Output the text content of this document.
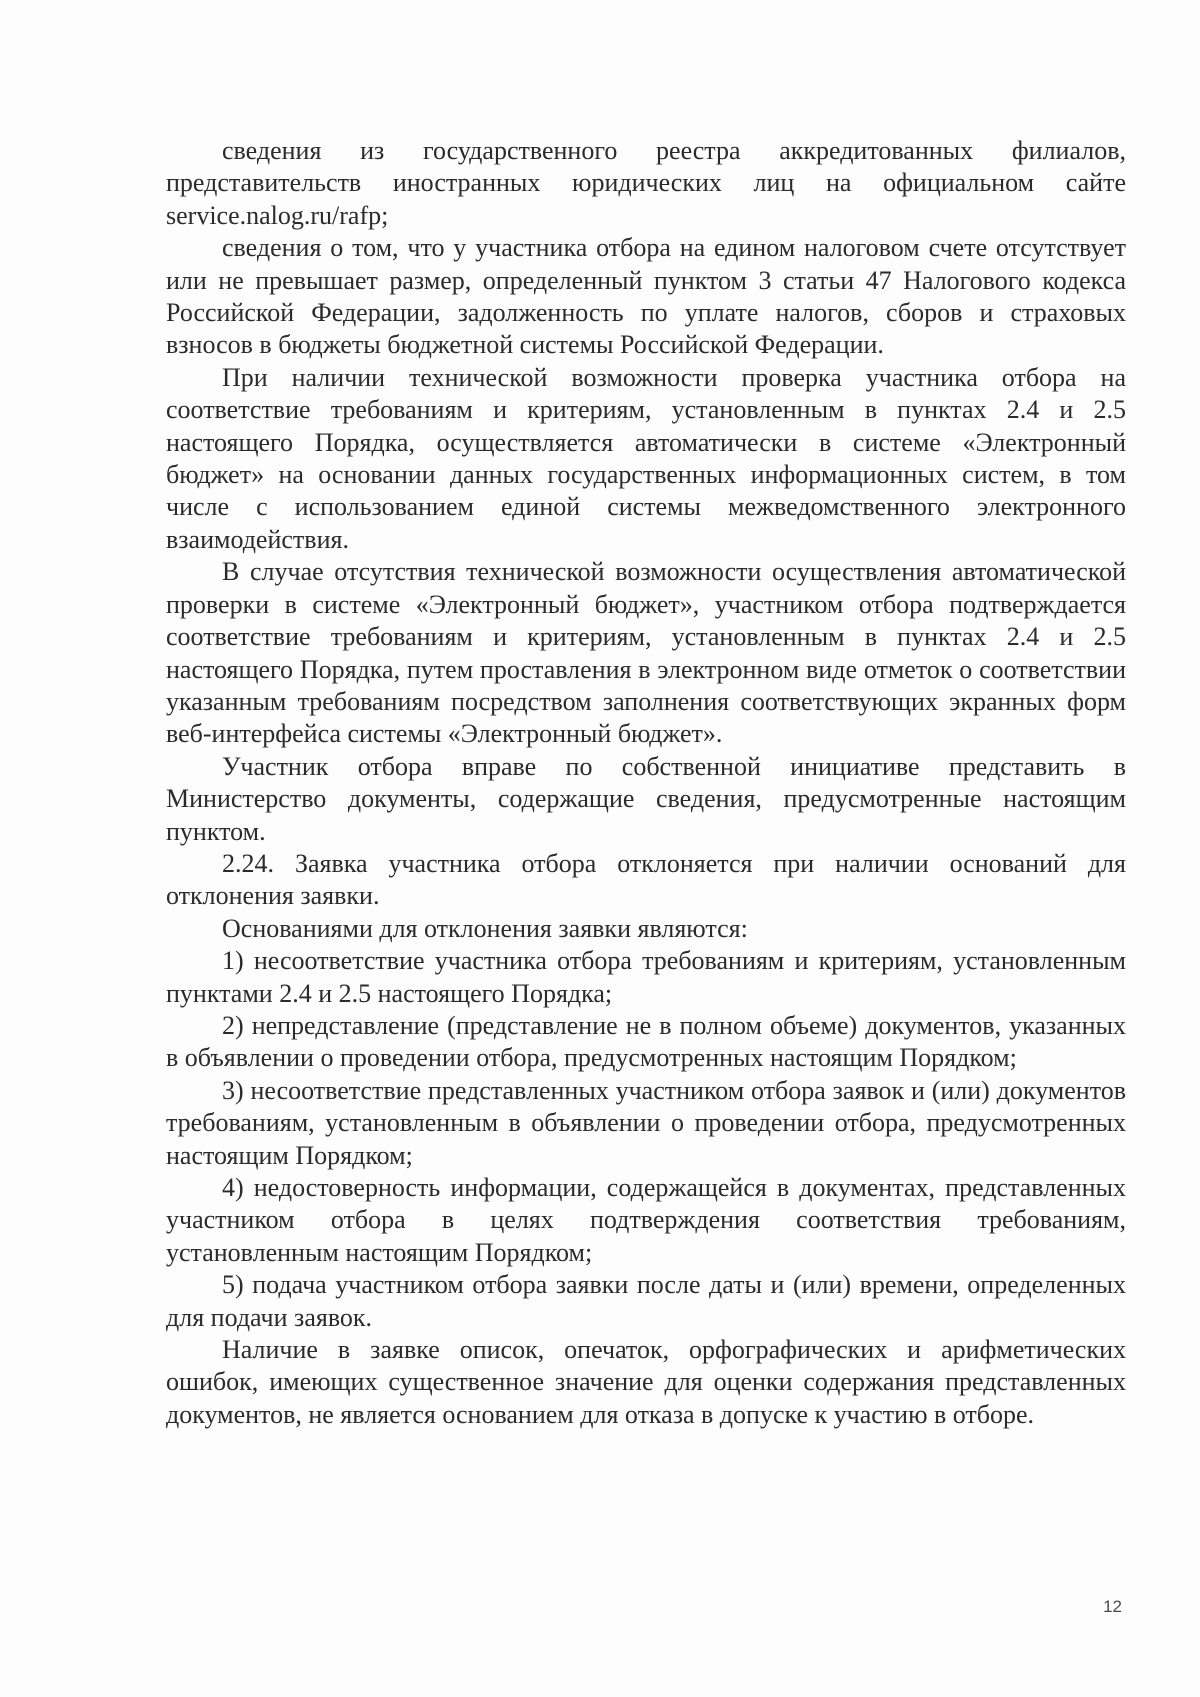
сведения из государственного реестра аккредитованных филиалов, представительств иностранных юридических лиц на официальном сайте service.nalog.ru/rafp;

сведения о том, что у участника отбора на едином налоговом счете отсутствует или не превышает размер, определенный пунктом 3 статьи 47 Налогового кодекса Российской Федерации, задолженность по уплате налогов, сборов и страховых взносов в бюджеты бюджетной системы Российской Федерации.

При наличии технической возможности проверка участника отбора на соответствие требованиям и критериям, установленным в пунктах 2.4 и 2.5 настоящего Порядка, осуществляется автоматически в системе «Электронный бюджет» на основании данных государственных информационных систем, в том числе с использованием единой системы межведомственного электронного взаимодействия.

В случае отсутствия технической возможности осуществления автоматической проверки в системе «Электронный бюджет», участником отбора подтверждается соответствие требованиям и критериям, установленным в пунктах 2.4 и 2.5 настоящего Порядка, путем проставления в электронном виде отметок о соответствии указанным требованиям посредством заполнения соответствующих экранных форм веб-интерфейса системы «Электронный бюджет».

Участник отбора вправе по собственной инициативе представить в Министерство документы, содержащие сведения, предусмотренные настоящим пунктом.

2.24. Заявка участника отбора отклоняется при наличии оснований для отклонения заявки.

Основаниями для отклонения заявки являются:

1) несоответствие участника отбора требованиям и критериям, установленным пунктами 2.4 и 2.5 настоящего Порядка;

2) непредставление (представление не в полном объеме) документов, указанных в объявлении о проведении отбора, предусмотренных настоящим Порядком;

3) несоответствие представленных участником отбора заявок и (или) документов требованиям, установленным в объявлении о проведении отбора, предусмотренных настоящим Порядком;

4) недостоверность информации, содержащейся в документах, представленных участником отбора в целях подтверждения соответствия требованиям, установленным настоящим Порядком;

5) подача участником отбора заявки после даты и (или) времени, определенных для подачи заявок.

Наличие в заявке описок, опечаток, орфографических и арифметических ошибок, имеющих существенное значение для оценки содержания представленных документов, не является основанием для отказа в допуске к участию в отборе.

12
